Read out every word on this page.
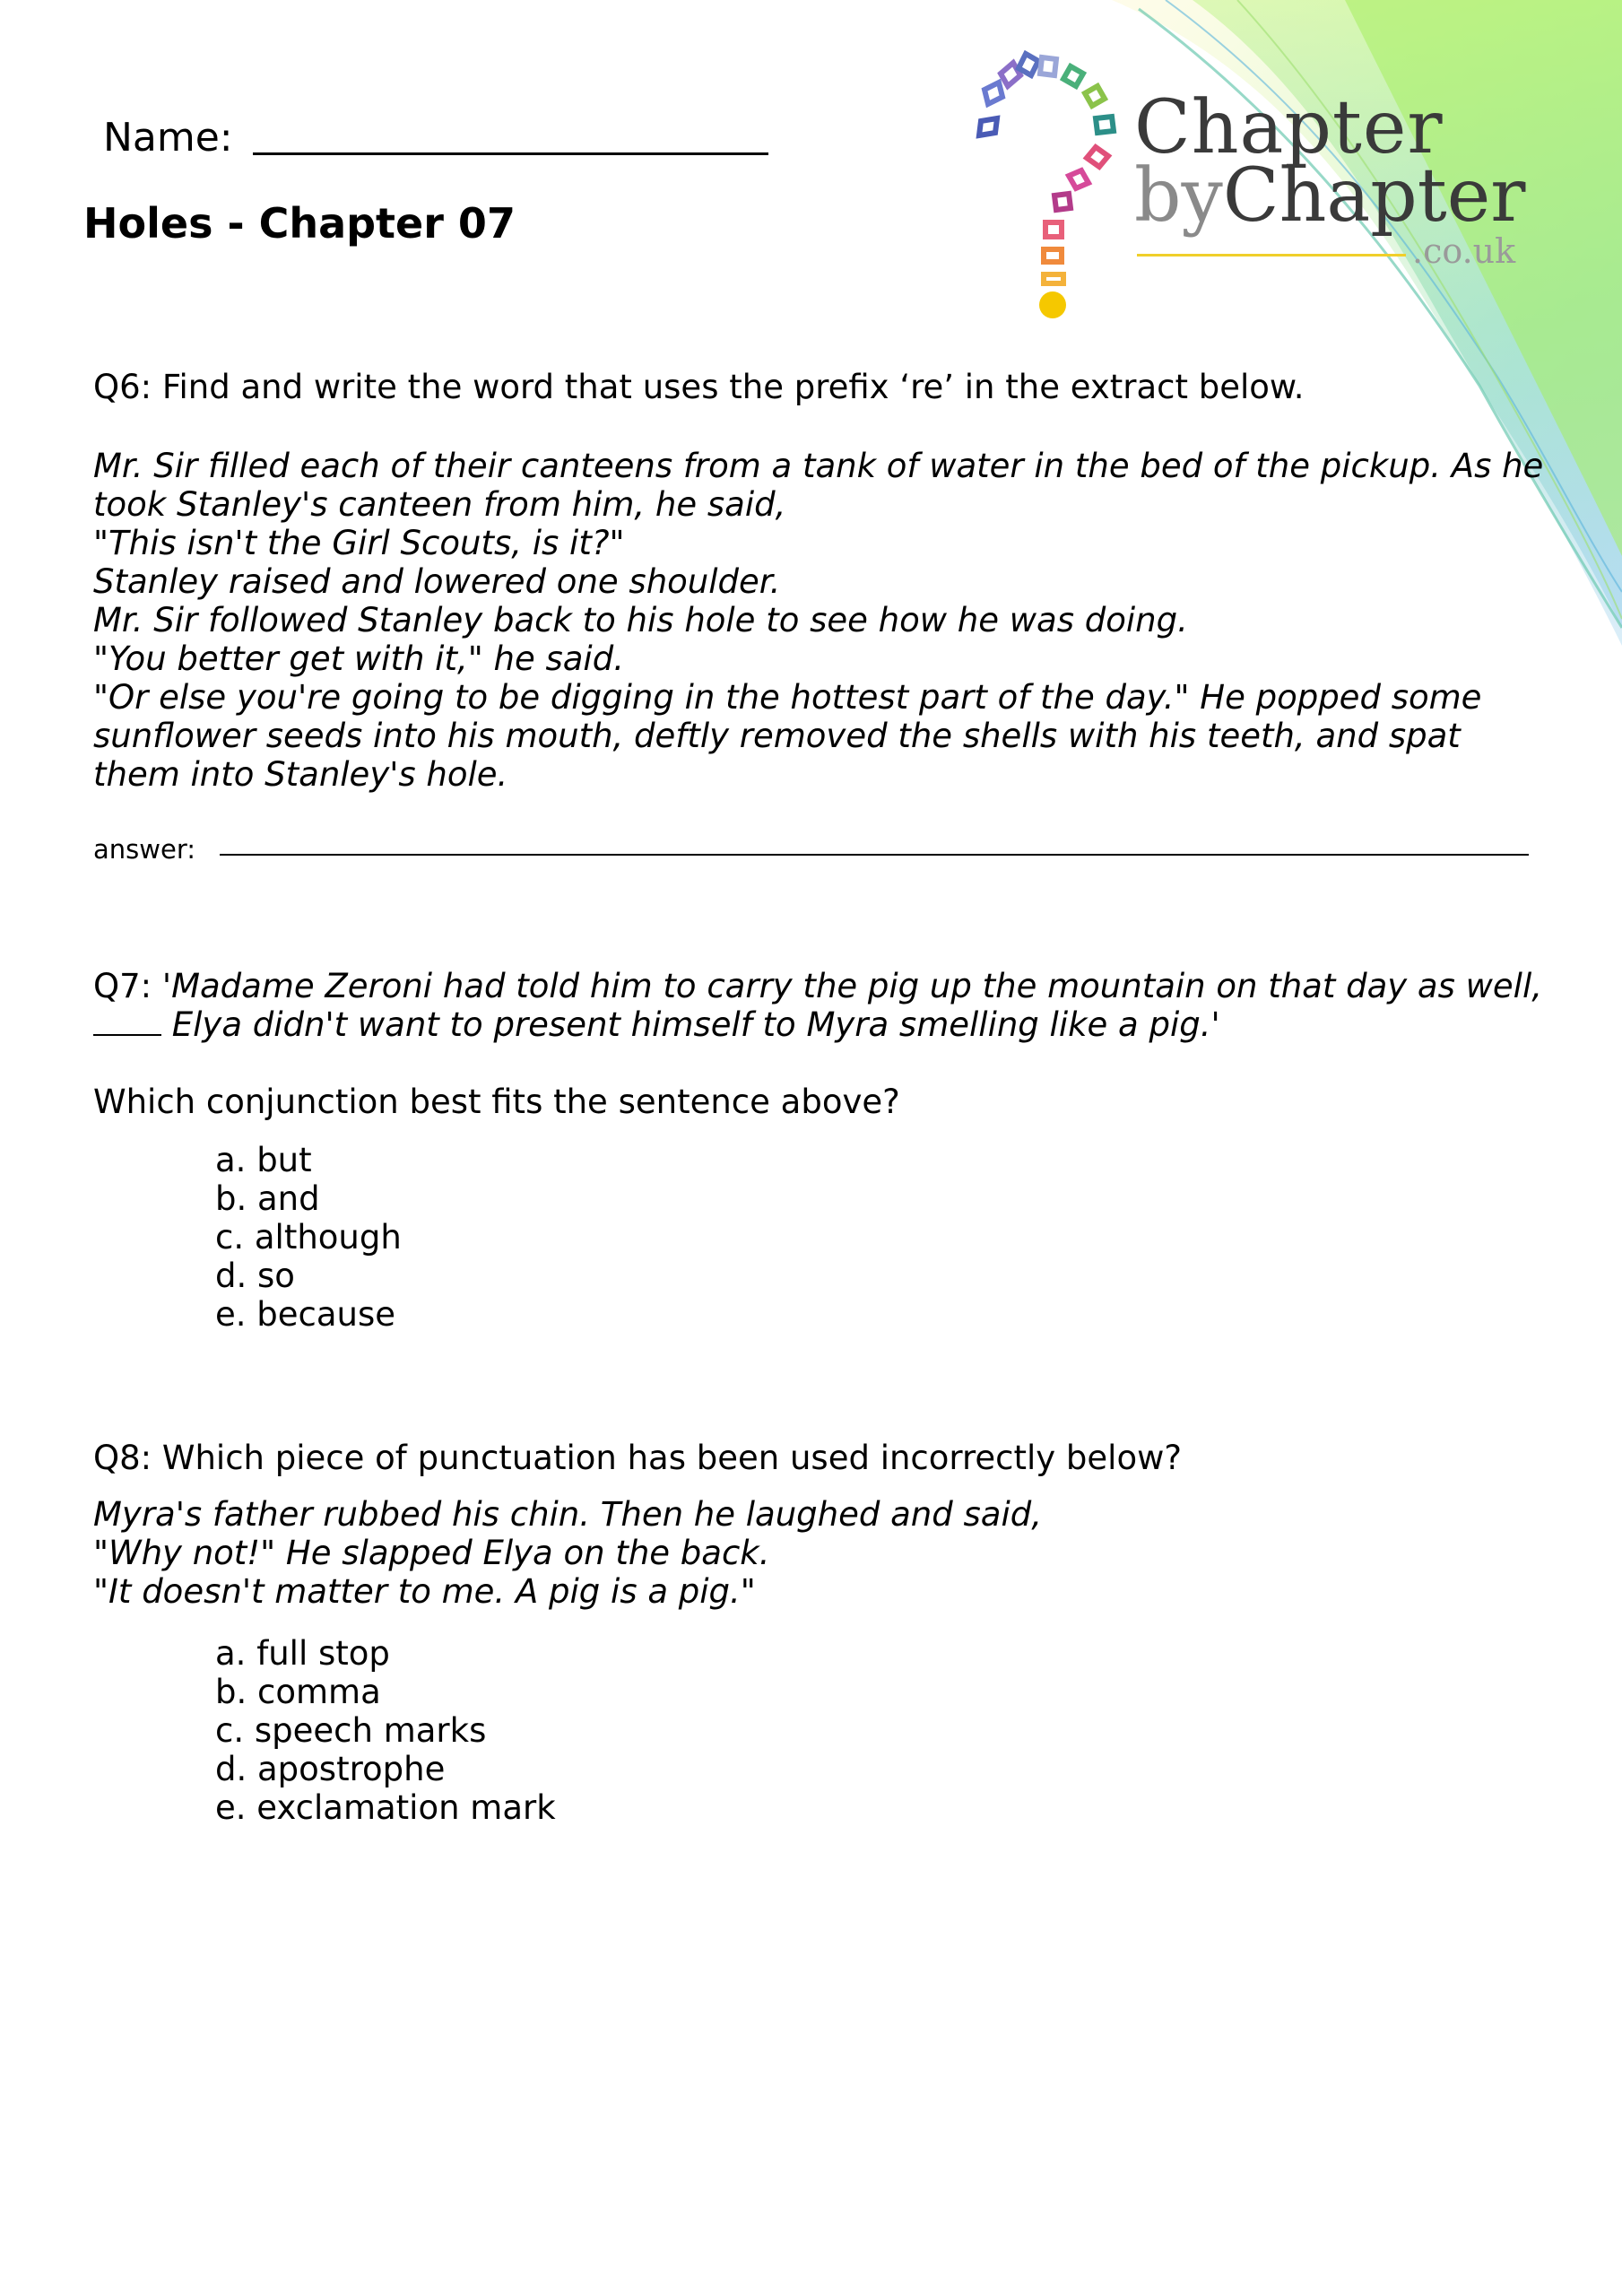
Name:
Holes - Chapter 07
Chapter
byChapter
.co.uk

Q6: Find and write the word that uses the prefix ‘re’ in the extract below.

Mr. Sir filled each of their canteens from a tank of water in the bed of the pickup. As he
took Stanley's canteen from him, he said,
"This isn't the Girl Scouts, is it?"
Stanley raised and lowered one shoulder.
Mr. Sir followed Stanley back to his hole to see how he was doing.
"You better get with it," he said.
"Or else you're going to be digging in the hottest part of the day." He popped some
sunflower seeds into his mouth, deftly removed the shells with his teeth, and spat
them into Stanley's hole.
answer:
Q7: 'Madame Zeroni had told him to carry the pig up the mountain on that day as well,
Elya didn't want to present himself to Myra smelling like a pig.'

Which conjunction best fits the sentence above?

a. but
b. and
c. although
d. so
e. because

Q8: Which piece of punctuation has been used incorrectly below?

Myra's father rubbed his chin. Then he laughed and said,
"Why not!" He slapped Elya on the back.
"It doesn't matter to me. A pig is a pig."
a. full stop
b. comma
c. speech marks
d. apostrophe
e. exclamation mark
